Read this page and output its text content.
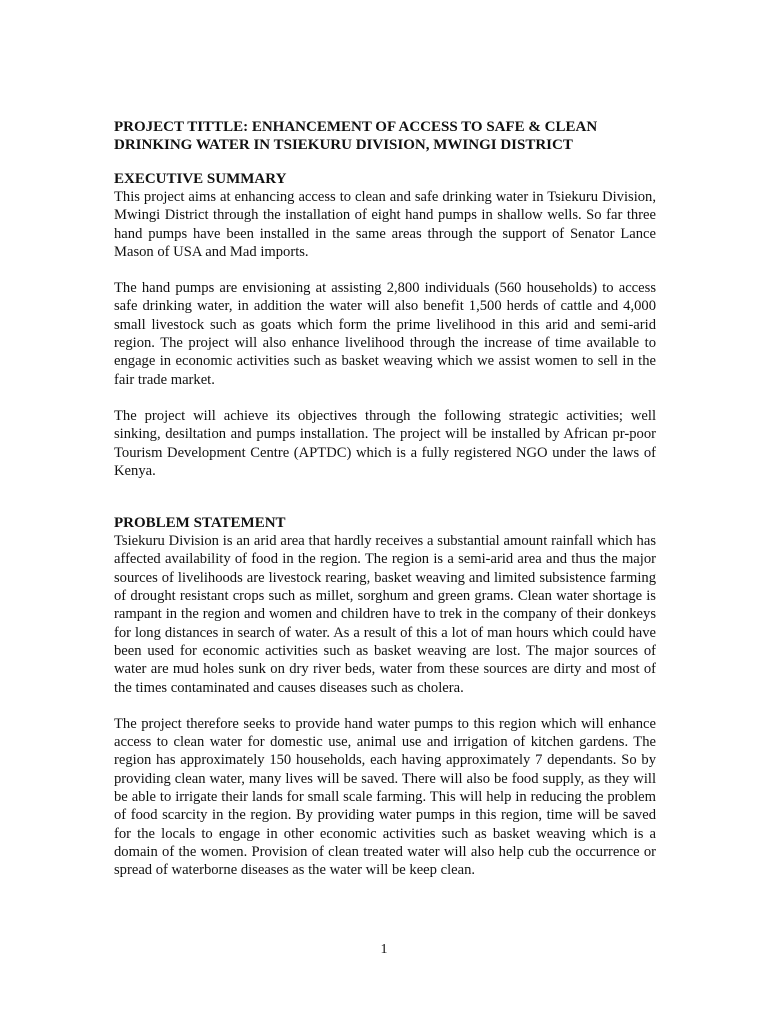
PROJECT TITTLE: ENHANCEMENT OF ACCESS TO SAFE & CLEAN DRINKING WATER IN TSIEKURU DIVISION, MWINGI DISTRICT
EXECUTIVE SUMMARY

This project aims at enhancing access to clean and safe drinking water in Tsiekuru Division, Mwingi District through the installation of eight hand pumps in shallow wells. So far three hand pumps have been installed in the same areas through the support of Senator Lance Mason of USA and Mad imports.

The hand pumps are envisioning at assisting 2,800 individuals (560 households) to access safe drinking water, in addition the water will also benefit 1,500 herds of cattle and 4,000 small livestock such as goats which form the prime livelihood in this arid and semi-arid region. The project will also enhance livelihood through the increase of time available to engage in economic activities such as basket weaving which we assist women to sell in the fair trade market.

The project will achieve its objectives through the following strategic activities; well sinking, desiltation and pumps installation. The project will be installed by African pr-poor Tourism Development Centre (APTDC) which is a fully registered NGO under the laws of Kenya.

PROBLEM STATEMENT

Tsiekuru Division is an arid area that hardly receives a substantial amount rainfall which has affected availability of food in the region. The region is a semi-arid area and thus the major sources of livelihoods are livestock rearing, basket weaving and limited subsistence farming of drought resistant crops such as millet, sorghum and green grams. Clean water shortage is rampant in the region and women and children have to trek in the company of their donkeys for long distances in search of water. As a result of this a lot of man hours which could have been used for economic activities such as basket weaving are lost. The major sources of water are mud holes sunk on dry river beds, water from these sources are dirty and most of the times contaminated and causes diseases such as cholera.

The project therefore seeks to provide hand water pumps to this region which will enhance access to clean water for domestic use, animal use and irrigation of kitchen gardens. The region has approximately 150 households, each having approximately 7 dependants. So by providing clean water, many lives will be saved. There will also be food supply, as they will be able to irrigate their lands for small scale farming. This will help in reducing the problem of food scarcity in the region. By providing water pumps in this region, time will be saved for the locals to engage in other economic activities such as basket weaving which is a domain of the women. Provision of clean treated water will also help cub the occurrence or spread of waterborne diseases as the water will be keep clean.

1
